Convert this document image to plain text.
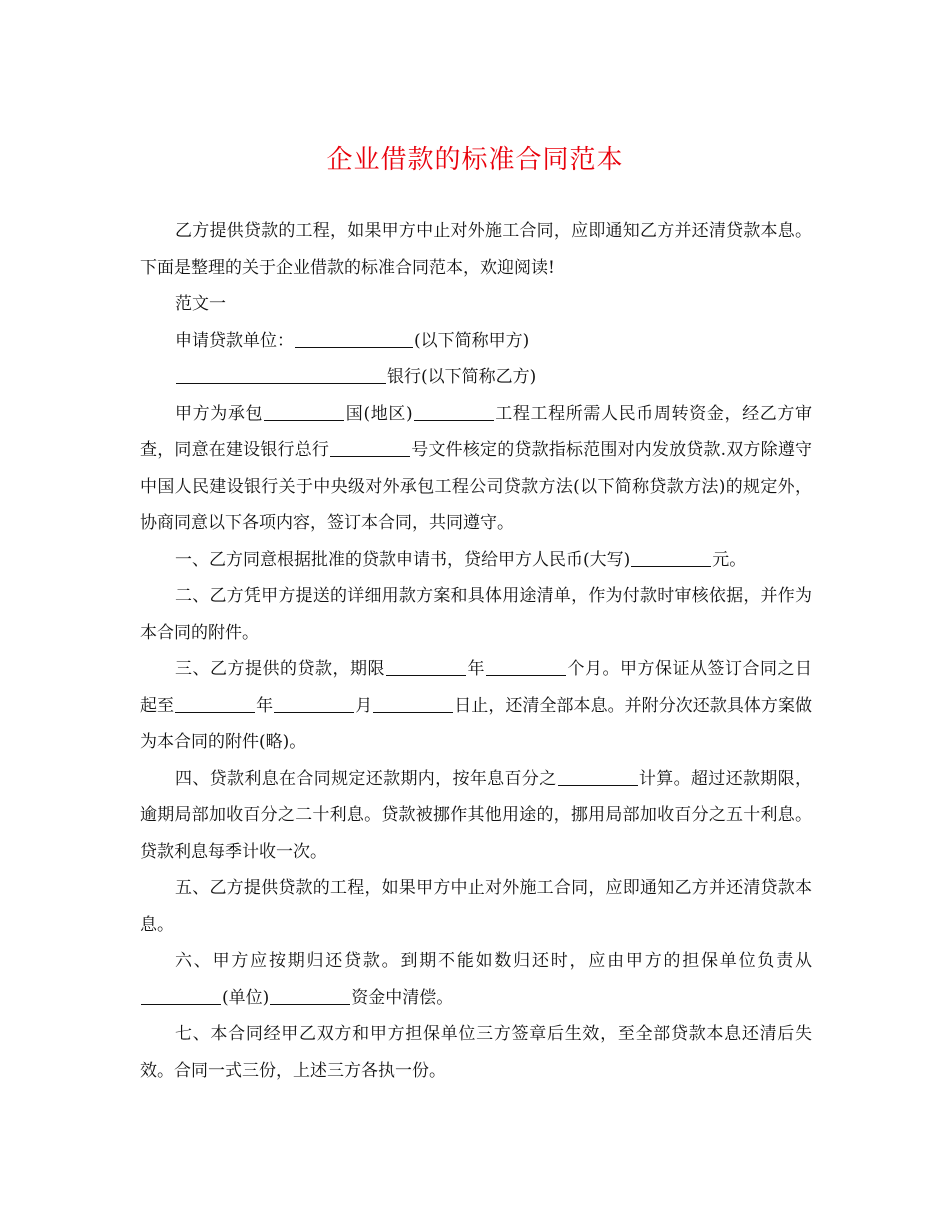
企业借款的标准合同范本

乙方提供贷款的工程，如果甲方中止对外施工合同，应即通知乙方并还清贷款本息。下面是整理的关于企业借款的标准合同范本，欢迎阅读!

范文一

申请贷款单位：	(以下简称甲方)

银行(以下简称乙方)

甲方为承包	国(地区)	工程工程所需人民币周转资金，经乙方审查，同意在建设银行总行	号文件核定的贷款指标范围对内发放贷款.双方除遵守中国人民建设银行关于中央级对外承包工程公司贷款方法(以下简称贷款方法)的规定外，协商同意以下各项内容，签订本合同，共同遵守。

一、乙方同意根据批准的贷款申请书，贷给甲方人民币(大写)	元。

二、乙方凭甲方提送的详细用款方案和具体用途清单，作为付款时审核依据，并作为本合同的附件。

三、乙方提供的贷款，期限	年	个月。甲方保证从签订合同之日起至	年	月	日止，还清全部本息。并附分次还款具体方案做为本合同的附件(略)。

四、贷款利息在合同规定还款期内，按年息百分之	计算。超过还款期限，逾期局部加收百分之二十利息。贷款被挪作其他用途的，挪用局部加收百分之五十利息。贷款利息每季计收一次。

五、乙方提供贷款的工程，如果甲方中止对外施工合同，应即通知乙方并还清贷款本息。

六、甲方应按期归还贷款。到期不能如数归还时，应由甲方的担保单位负责从(单位)	资金中清偿。

七、本合同经甲乙双方和甲方担保单位三方签章后生效，至全部贷款本息还清后失效。合同一式三份，上述三方各执一份。
